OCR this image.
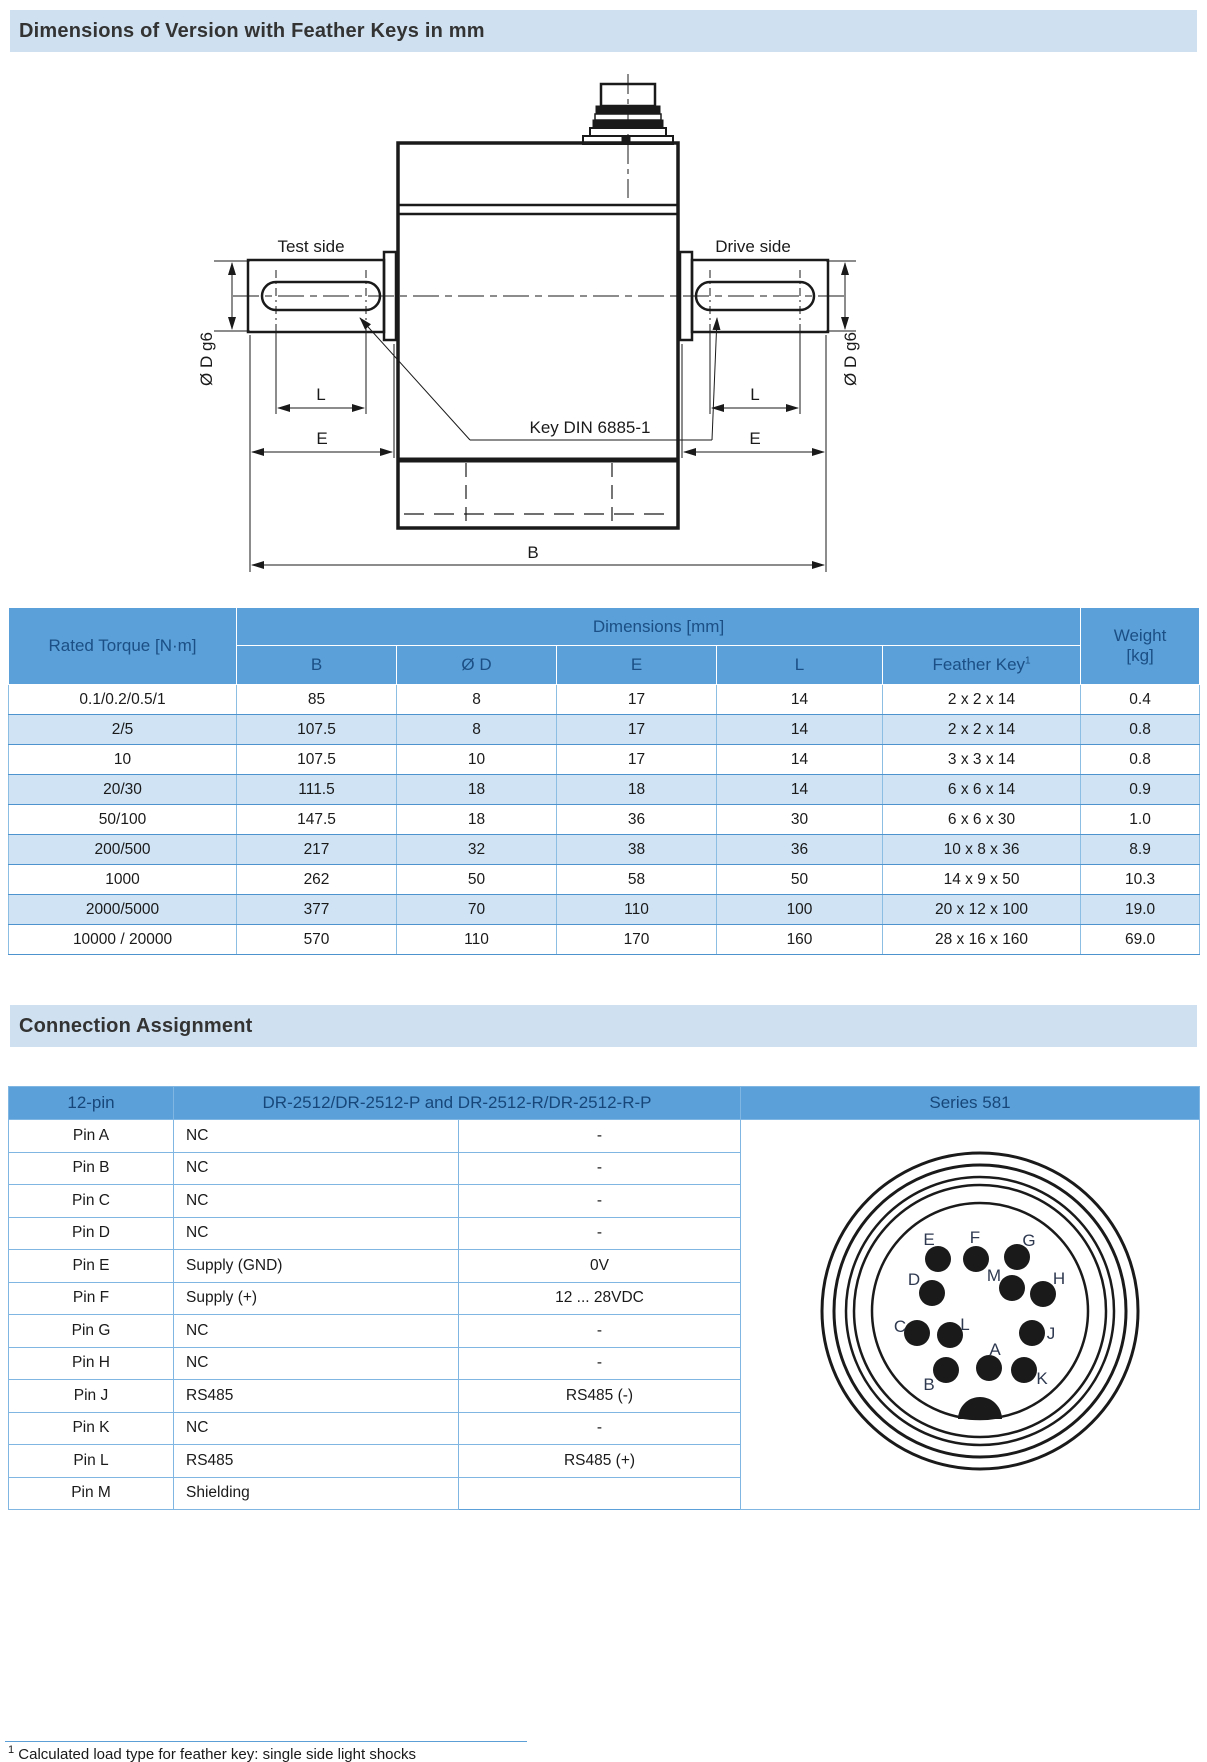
Dimensions of Version with Feather Keys in mm
Test side	Drive side
Key DIN 6885-1
L
E
L
E
B
Ø D g6	Ø D g6
Rated Torque [N·m]	Dimensions [mm]					Weight
[kg]
	B	Ø D	E	L	Feather Key$^1$
0.1/0.2/0.5/1	85	8	17	14	2 x 2 x 14	0.4
2/5	107.5	8	17	14	2 x 2 x 14	0.8
10	107.5	10	17	14	3 x 3 x 14	0.8
20/30	111.5	18	18	14	6 x 6 x 14	0.9
50/100	147.5	18	36	30	6 x 6 x 30	1.0
200/500	217	32	38	36	10 x 8 x 36	8.9
1000	262	50	58	50	14 x 9 x 50	10.3
2000/5000	377	70	110	100	20 x 12 x 100	19.0
10000 / 20000	570	110	170	160	28 x 16 x 160	69.0
Connection Assignment
12-pin	DR-2512/DR-2512-P and DR-2512-R/DR-2512-R-P		Series 581
Pin A	NC	-	
E F G
D	M	H
C	L	J
A
B	K

Pin B	NC	-	
Pin C	NC	-	
Pin D	NC	-	
Pin E	Supply (GND)	0V	
Pin F	Supply (+)	12 ... 28VDC	
Pin G	NC	-	
Pin H	NC	-	
Pin J	RS485	RS485 (-)	
Pin K	NC	-	
Pin L	RS485	RS485 (+)	
Pin M	Shielding		
$^1$ Calculated load type for feather key: single side light shocks
